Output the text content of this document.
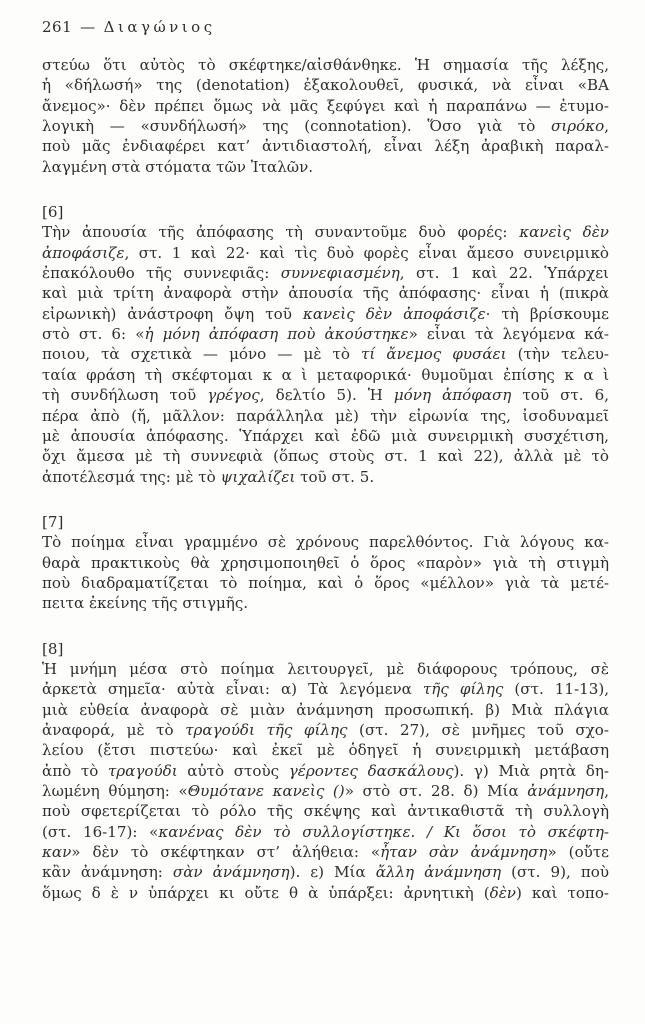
261 — Διαγώνιος
στεύω ὅτι αὐτὸς τὸ σκέφτηκε/αἰσθάνθηκε. Ἡ σημασία τῆς λέξης,
ἡ «δήλωσή» της (denotation) ἐξακολουθεῖ, φυσικά, νὰ εἶναι «ΒΑ
ἄνεμος»· δὲν πρέπει ὅμως νὰ μᾶς ξεφύγει καὶ ἡ παραπάνω — ἐτυμο-
λογικὴ — «συνδήλωσή» της (connotation). Ὅσο γιὰ τὸ σιρόκο,
ποὺ μᾶς ἐνδιαφέρει κατ’ ἀντιδιαστολή, εἶναι λέξη ἀραβικὴ παραλ-
λαγμένη στὰ στόματα τῶν Ἰταλῶν.
[6]
Τὴν ἀπουσία τῆς ἀπόφασης τὴ συναντοῦμε δυὸ φορές: κανεὶς δὲν
ἀποφάσιζε, στ. 1 καὶ 22· καὶ τὶς δυὸ φορὲς εἶναι ἄμεσο συνειρμικὸ
ἐπακόλουθο τῆς συννεφιᾶς: συννεφιασμένη, στ. 1 καὶ 22. Ὑπάρχει
καὶ μιὰ τρίτη ἀναφορὰ στὴν ἀπουσία τῆς ἀπόφασης· εἶναι ἡ (πικρὰ
εἰρωνικὴ) ἀνάστροφη ὄψη τοῦ κανεὶς δὲν ἀποφάσιζε· τὴ βρίσκουμε
στὸ στ. 6: «ἡ μόνη ἀπόφαση ποὺ ἀκούστηκε» εἶναι τὰ λεγόμενα κά-
ποιου, τὰ σχετικὰ — μόνο — μὲ τὸ τί ἄνεμος φυσάει (τὴν τελευ-
ταία φράση τὴ σκέφτομαι κ α ὶ μεταφορικά· θυμοῦμαι ἐπίσης κ α ὶ
τὴ συνδήλωση τοῦ γρέγος, δελτίο 5). Ἡ μόνη ἀπόφαση τοῦ στ. 6,
πέρα ἀπὸ (ἤ, μᾶλλον: παράλληλα μὲ) τὴν εἰρωνία της, ἰσοδυναμεῖ
μὲ ἀπουσία ἀπόφασης. Ὑπάρχει καὶ ἐδῶ μιὰ συνειρμικὴ συσχέτιση,
ὄχι ἄμεσα μὲ τὴ συννεφιὰ (ὅπως στοὺς στ. 1 καὶ 22), ἀλλὰ μὲ τὸ
ἀποτέλεσμά της: μὲ τὸ ψιχαλίζει τοῦ στ. 5.
[7]
Τὸ ποίημα εἶναι γραμμένο σὲ χρόνους παρελθόντος. Γιὰ λόγους κα-
θαρὰ πρακτικοὺς θὰ χρησιμοποιηθεῖ ὁ ὅρος «παρὸν» γιὰ τὴ στιγμὴ
ποὺ διαδραματίζεται τὸ ποίημα, καὶ ὁ ὅρος «μέλλον» γιὰ τὰ μετέ-
πειτα ἐκείνης τῆς στιγμῆς.
[8]
Ἡ μνήμη μέσα στὸ ποίημα λειτουργεῖ, μὲ διάφορους τρόπους, σὲ
ἀρκετὰ σημεῖα· αὐτὰ εἶναι: α) Τὰ λεγόμενα τῆς φίλης (στ. 11-13),
μιὰ εὐθεία ἀναφορὰ σὲ μιὰν ἀνάμνηση προσωπική. β) Μιὰ πλάγια
ἀναφορά, μὲ τὸ τραγούδι τῆς φίλης (στ. 27), σὲ μνῆμες τοῦ σχο-
λείου (ἔτσι πιστεύω· καὶ ἐκεῖ μὲ ὁδηγεῖ ἡ συνειρμικὴ μετάβαση
ἀπὸ τὸ τραγούδι αὐτὸ στοὺς γέροντες δασκάλους). γ) Μιὰ ρητὰ δη-
λωμένη θύμηση: «Θυμότανε κανεὶς ()» στὸ στ. 28. δ) Μία ἀνάμνηση,
ποὺ σφετερίζεται τὸ ρόλο τῆς σκέψης καὶ ἀντικαθιστᾶ τὴ συλλογὴ
(στ. 16-17): «κανένας δὲν τὸ συλλογίστηκε. / Κι ὅσοι τὸ σκέφτη-
καν» δὲν τὸ σκέφτηκαν στ’ ἀλήθεια: «ἦταν σὰν ἀνάμνηση» (οὔτε
κἂν ἀνάμνηση: σὰν ἀνάμνηση). ε) Μία ἄλλη ἀνάμνηση (στ. 9), ποὺ
ὅμως δ ὲ ν ὑπάρχει κι οὔτε θ ὰ ὑπάρξει: ἀρνητικὴ (δὲν) καὶ τοπο-
